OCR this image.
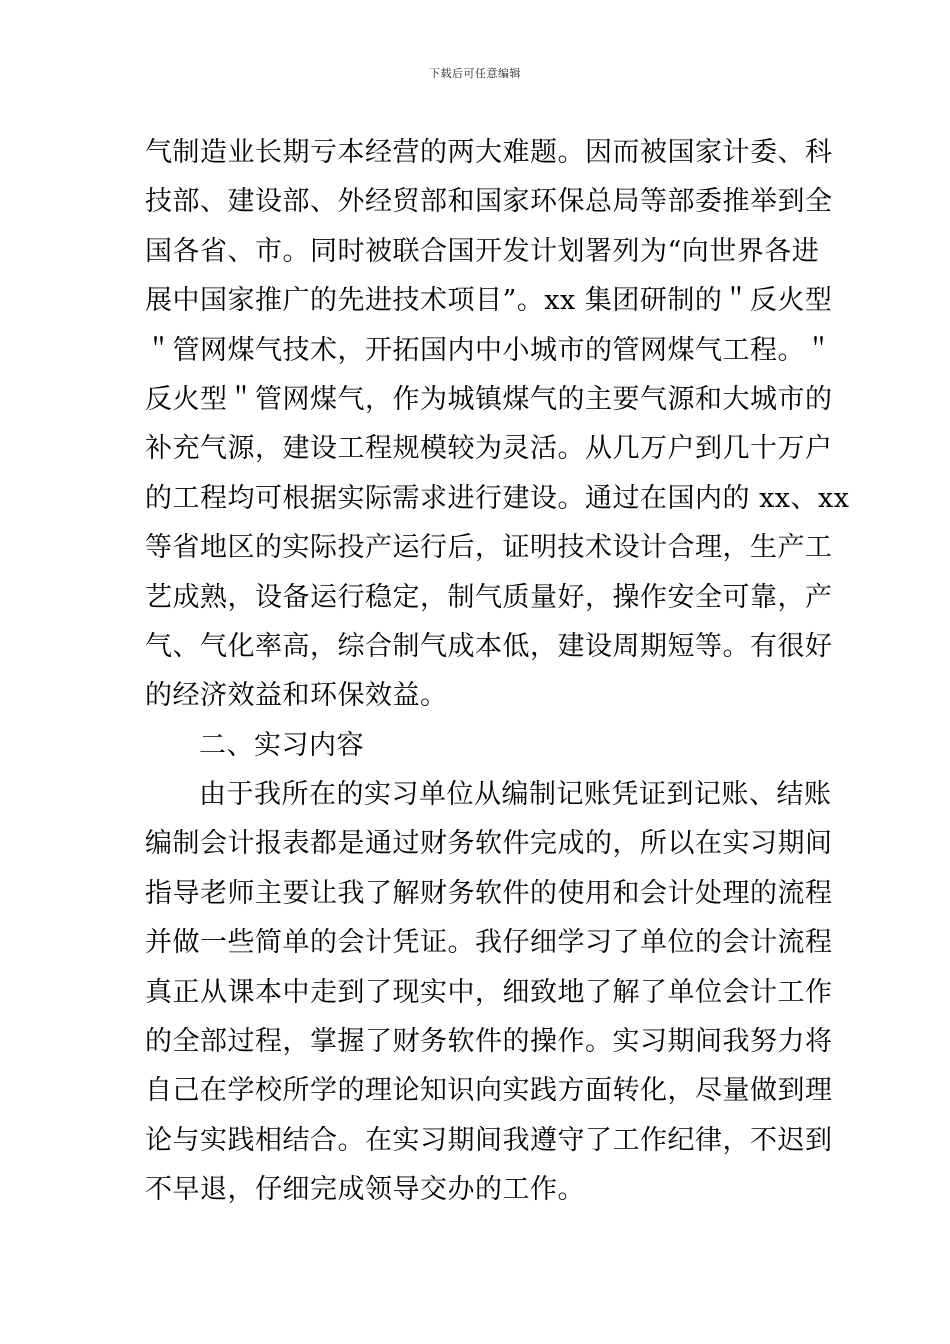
下载后可任意编辑
气制造业长期亏本经营的两大难题。因而被国家计委、科
技部、建设部、外经贸部和国家环保总局等部委推举到全
国各省、市。同时被联合国开发计划署列为“向世界各进
展中国家推广的先进技术项目”。xx 集团研制的＂反火型
＂管网煤气技术，开拓国内中小城市的管网煤气工程。＂
反火型＂管网煤气，作为城镇煤气的主要气源和大城市的
补充气源，建设工程规模较为灵活。从几万户到几十万户
的工程均可根据实际需求进行建设。通过在国内的 xx、xx
等省地区的实际投产运行后，证明技术设计合理，生产工
艺成熟，设备运行稳定，制气质量好，操作安全可靠，产
气、气化率高，综合制气成本低，建设周期短等。有很好
的经济效益和环保效益。
二、实习内容
由于我所在的实习单位从编制记账凭证到记账、结账
编制会计报表都是通过财务软件完成的，所以在实习期间
指导老师主要让我了解财务软件的使用和会计处理的流程
并做一些简单的会计凭证。我仔细学习了单位的会计流程
真正从课本中走到了现实中，细致地了解了单位会计工作
的全部过程，掌握了财务软件的操作。实习期间我努力将
自己在学校所学的理论知识向实践方面转化，尽量做到理
论与实践相结合。在实习期间我遵守了工作纪律，不迟到
不早退，仔细完成领导交办的工作。
